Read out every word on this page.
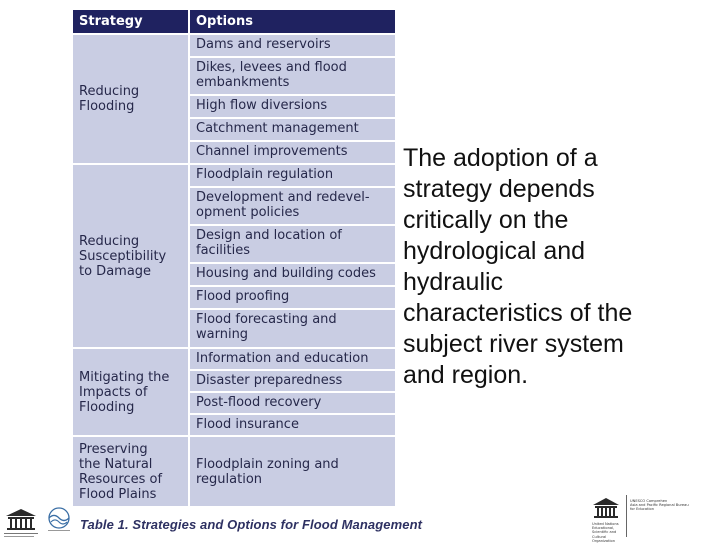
Strategy	Options
Reducing
Flooding
Reducing
Susceptibility
to Damage
Mitigating the
Impacts of
Flooding
Preserving
the Natural
Resources of
Flood Plains
Dams and reservoirs
Dikes, levees and flood
embankments
High flow diversions
Catchment management
Channel improvements
Floodplain regulation
Development and redevel-
opment policies
Design and location of
facilities
Housing and building codes
Flood proofing
Flood forecasting and
warning
Information and education
Disaster preparedness
Post-flood recovery
Flood insurance
Floodplain zoning and
regulation

The adoption of a
strategy depends
critically on the
hydrological and
hydraulic
characteristics of the
subject river system
and region.

Table 1. Strategies and Options for Flood Management
UNESCO Comprehen
Asia and Pacific Regional Bureau
for Education
United Nations
Educational, Scientific and
Cultural Organization
